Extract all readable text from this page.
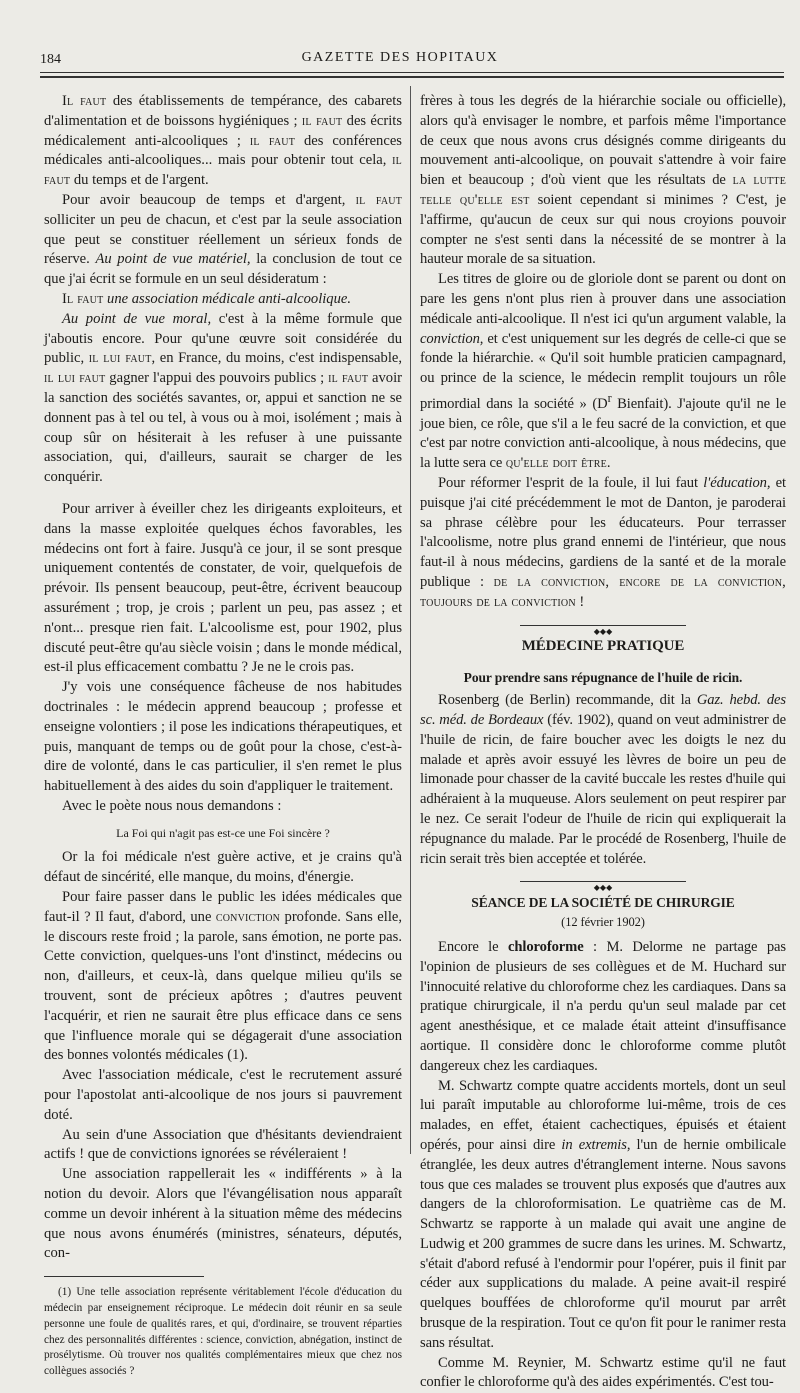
184	GAZETTE DES HOPITAUX

Il faut des établissements de tempérance, des cabarets d'alimentation et de boissons hygiéniques ; il faut des écrits médicalement anti-alcooliques ; il faut des conférences médicales anti-alcooliques... mais pour obtenir tout cela, il faut du temps et de l'argent.

Pour avoir beaucoup de temps et d'argent, il faut solliciter un peu de chacun, et c'est par la seule association que peut se constituer réellement un sérieux fonds de réserve. Au point de vue matériel, la conclusion de tout ce que j'ai écrit se formule en un seul désideratum :

Il faut une association médicale anti-alcoolique.

Au point de vue moral, c'est à la même formule que j'aboutis encore. Pour qu'une œuvre soit considérée du public, il lui faut, en France, du moins, c'est indispensable, il lui faut gagner l'appui des pouvoirs publics ; il faut avoir la sanction des sociétés savantes, or, appui et sanction ne se donnent pas à tel ou tel, à vous ou à moi, isolément ; mais à coup sûr on hésiterait à les refuser à une puissante association, qui, d'ailleurs, saurait se charger de les conquérir.

Pour arriver à éveiller chez les dirigeants exploiteurs, et dans la masse exploitée quelques échos favorables, les médecins ont fort à faire. Jusqu'à ce jour, il se sont presque uniquement contentés de constater, de voir, quelquefois de prévoir. Ils pensent beaucoup, peut-être, écrivent beaucoup assurément ; trop, je crois ; parlent un peu, pas assez ; et n'ont... presque rien fait. L'alcoolisme est, pour 1902, plus discuté peut-être qu'au siècle voisin ; dans le monde médical, est-il plus efficacement combattu ? Je ne le crois pas.

J'y vois une conséquence fâcheuse de nos habitudes doctrinales : le médecin apprend beaucoup ; professe et enseigne volontiers ; il pose les indications thérapeutiques, et puis, manquant de temps ou de goût pour la chose, c'est-à-dire de volonté, dans le cas particulier, il s'en remet le plus habituellement à des aides du soin d'appliquer le traitement.

Avec le poète nous nous demandons :

La Foi qui n'agit pas est-ce une Foi sincère ?

Or la foi médicale n'est guère active, et je crains qu'à défaut de sincérité, elle manque, du moins, d'énergie.

Pour faire passer dans le public les idées médicales que faut-il ? Il faut, d'abord, une conviction profonde. Sans elle, le discours reste froid ; la parole, sans émotion, ne porte pas. Cette conviction, quelques-uns l'ont d'instinct, médecins ou non, d'ailleurs, et ceux-là, dans quelque milieu qu'ils se trouvent, sont de précieux apôtres ; d'autres peuvent l'acquérir, et rien ne saurait être plus efficace dans ce sens que l'influence morale qui se dégagerait d'une association des bonnes volontés médicales (1).

Avec l'association médicale, c'est le recrutement assuré pour l'apostolat anti-alcoolique de nos jours si pauvrement doté.

Au sein d'une Association que d'hésitants deviendraient actifs ! que de convictions ignorées se révéleraient !

Une association rappellerait les « indifférents » à la notion du devoir. Alors que l'évangélisation nous apparaît comme un devoir inhérent à la situation même des médecins que nous avons énumérés (ministres, sénateurs, députés, con-

(1) Une telle association représente véritablement l'école d'éducation du médecin par enseignement réciproque. Le médecin doit réunir en sa seule personne une foule de qualités rares, et qui, d'ordinaire, se trouvent réparties chez des personnalités différentes : science, conviction, abnégation, instinct de prosélytisme. Où trouver nos qualités complémentaires mieux que chez nos collègues associés ?

frères à tous les degrés de la hiérarchie sociale ou officielle), alors qu'à envisager le nombre, et parfois même l'importance de ceux que nous avons crus désignés comme dirigeants du mouvement anti-alcoolique, on pouvait s'attendre à voir faire bien et beaucoup ; d'où vient que les résultats de la lutte telle qu'elle est soient cependant si minimes ? C'est, je l'affirme, qu'aucun de ceux sur qui nous croyions pouvoir compter ne s'est senti dans la nécessité de se montrer à la hauteur morale de sa situation.

Les titres de gloire ou de gloriole dont se parent ou dont on pare les gens n'ont plus rien à prouver dans une association médicale anti-alcoolique. Il n'est ici qu'un argument valable, la conviction, et c'est uniquement sur les degrés de celle-ci que se fonde la hiérarchie. « Qu'il soit humble praticien campagnard, ou prince de la science, le médecin remplit toujours un rôle primordial dans la société » ($D^r$ Bienfait). J'ajoute qu'il ne le joue bien, ce rôle, que s'il a le feu sacré de la conviction, et que c'est par notre conviction anti-alcoolique, à nous médecins, que la lutte sera ce qu'elle doit être.

Pour réformer l'esprit de la foule, il lui faut l'éducation, et puisque j'ai cité précédemment le mot de Danton, je paroderai sa phrase célèbre pour les éducateurs. Pour terrasser l'alcoolisme, notre plus grand ennemi de l'intérieur, que nous faut-il à nous médecins, gardiens de la santé et de la morale publique : de la conviction, encore de la conviction, toujours de la conviction !

◆◆◆

MÉDECINE PRATIQUE

Pour prendre sans répugnance de l'huile de ricin.

Rosenberg (de Berlin) recommande, dit la Gaz. hebd. des sc. méd. de Bordeaux (fév. 1902), quand on veut administrer de l'huile de ricin, de faire boucher avec les doigts le nez du malade et après avoir essuyé les lèvres de boire un peu de limonade pour chasser de la cavité buccale les restes d'huile qui adhéraient à la muqueuse. Alors seulement on peut respirer par le nez. Ce serait l'odeur de l'huile de ricin qui expliquerait la répugnance du malade. Par le procédé de Rosenberg, l'huile de ricin serait très bien acceptée et tolérée.

◆◆◆

SÉANCE DE LA SOCIÉTÉ DE CHIRURGIE

(12 février 1902)

Encore le chloroforme : M. Delorme ne partage pas l'opinion de plusieurs de ses collègues et de M. Huchard sur l'innocuité relative du chloroforme chez les cardiaques. Dans sa pratique chirurgicale, il n'a perdu qu'un seul malade par cet agent anesthésique, et ce malade était atteint d'insuffisance aortique. Il considère donc le chloroforme comme plutôt dangereux chez les cardiaques.

M. Schwartz compte quatre accidents mortels, dont un seul lui paraît imputable au chloroforme lui-même, trois de ces malades, en effet, étaient cachectiques, épuisés et étaient opérés, pour ainsi dire in extremis, l'un de hernie ombilicale étranglée, les deux autres d'étranglement interne. Nous savons tous que ces malades se trouvent plus exposés que d'autres aux dangers de la chloroformisation. Le quatrième cas de M. Schwartz se rapporte à un malade qui avait une angine de Ludwig et 200 grammes de sucre dans les urines. M. Schwartz, s'était d'abord refusé à l'endormir pour l'opérer, puis il finit par céder aux supplications du malade. A peine avait-il respiré quelques bouffées de chloroforme qu'il mourut par arrêt brusque de la respiration. Tout ce qu'on fit pour le ranimer resta sans résultat.

Comme M. Reynier, M. Schwartz estime qu'il ne faut confier le chloroforme qu'à des aides expérimentés. C'est tou-
